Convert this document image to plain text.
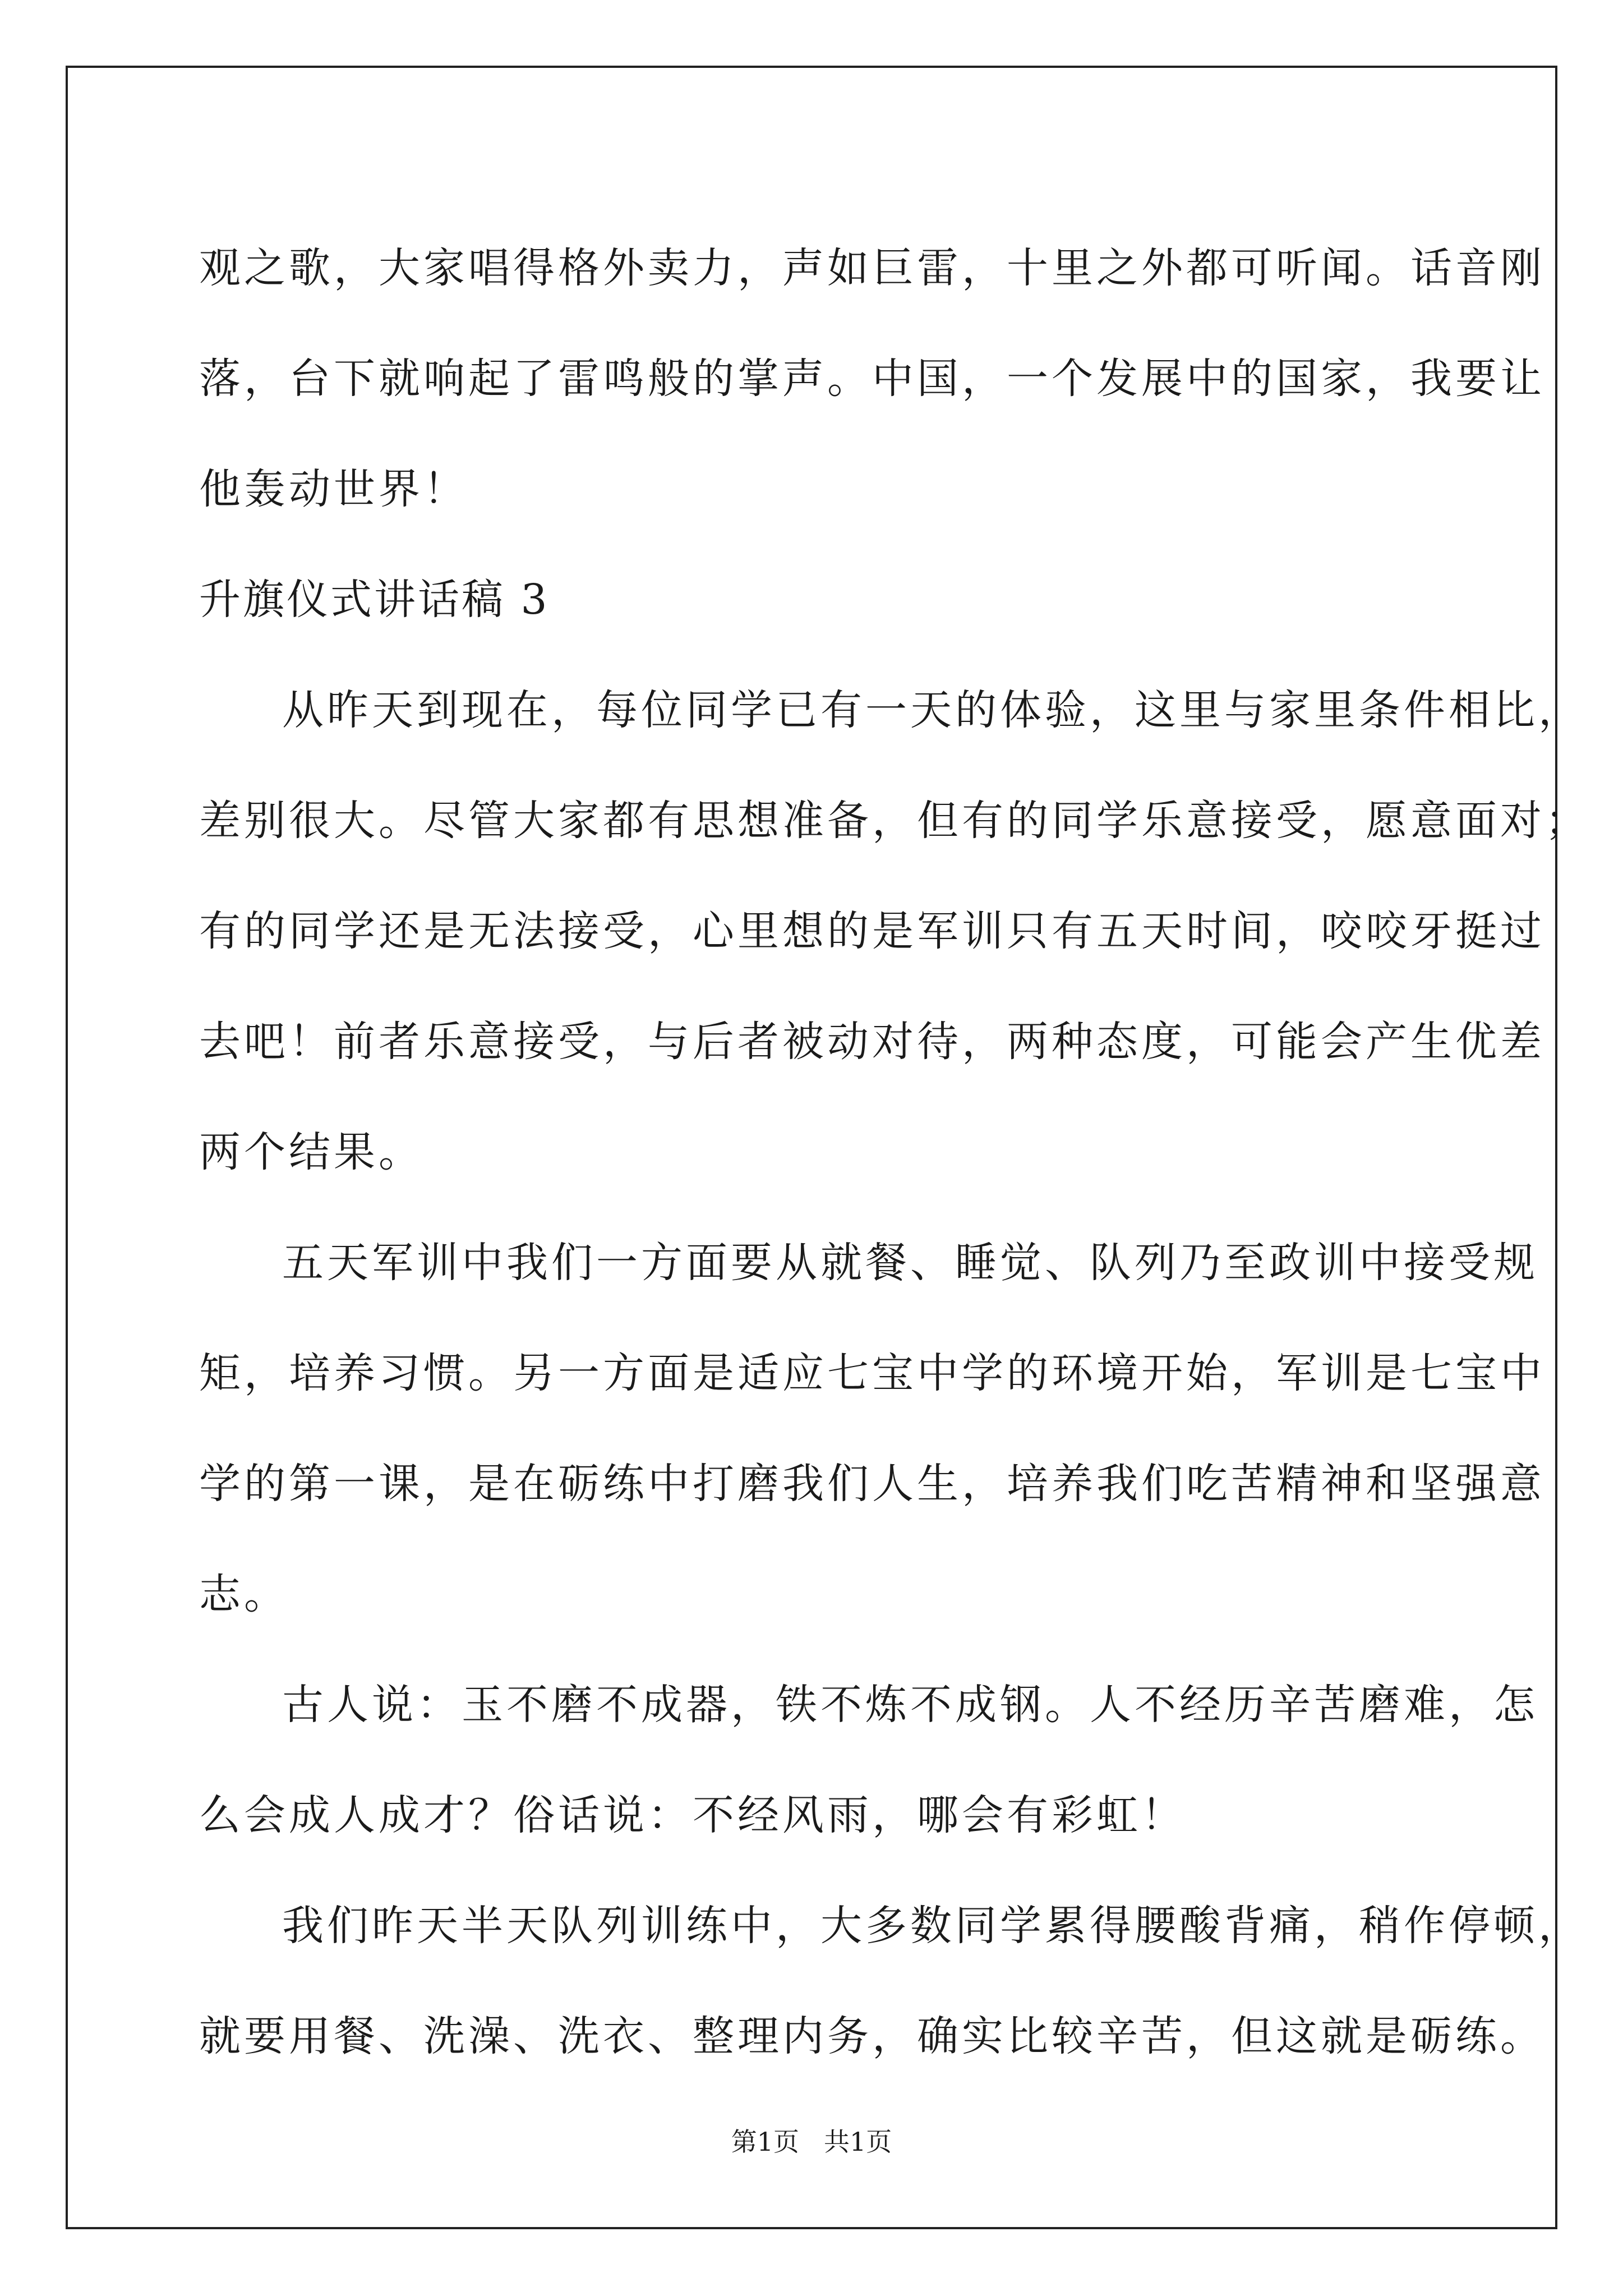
观之歌，大家唱得格外卖力，声如巨雷，十里之外都可听闻。话音刚
落，台下就响起了雷鸣般的掌声。中国，一个发展中的国家，我要让
他轰动世界！
升旗仪式讲话稿 3
从昨天到现在，每位同学已有一天的体验，这里与家里条件相比，
差别很大。尽管大家都有思想准备，但有的同学乐意接受，愿意面对；
有的同学还是无法接受，心里想的是军训只有五天时间，咬咬牙挺过
去吧！前者乐意接受，与后者被动对待，两种态度，可能会产生优差
两个结果。
五天军训中我们一方面要从就餐、睡觉、队列乃至政训中接受规
矩，培养习惯。另一方面是适应七宝中学的环境开始，军训是七宝中
学的第一课，是在砺练中打磨我们人生，培养我们吃苦精神和坚强意
志。
古人说：玉不磨不成器，铁不炼不成钢。人不经历辛苦磨难，怎
么会成人成才？俗话说：不经风雨，哪会有彩虹！
我们昨天半天队列训练中，大多数同学累得腰酸背痛，稍作停顿，
就要用餐、洗澡、洗衣、整理内务，确实比较辛苦，但这就是砺练。
第1页 共1页
